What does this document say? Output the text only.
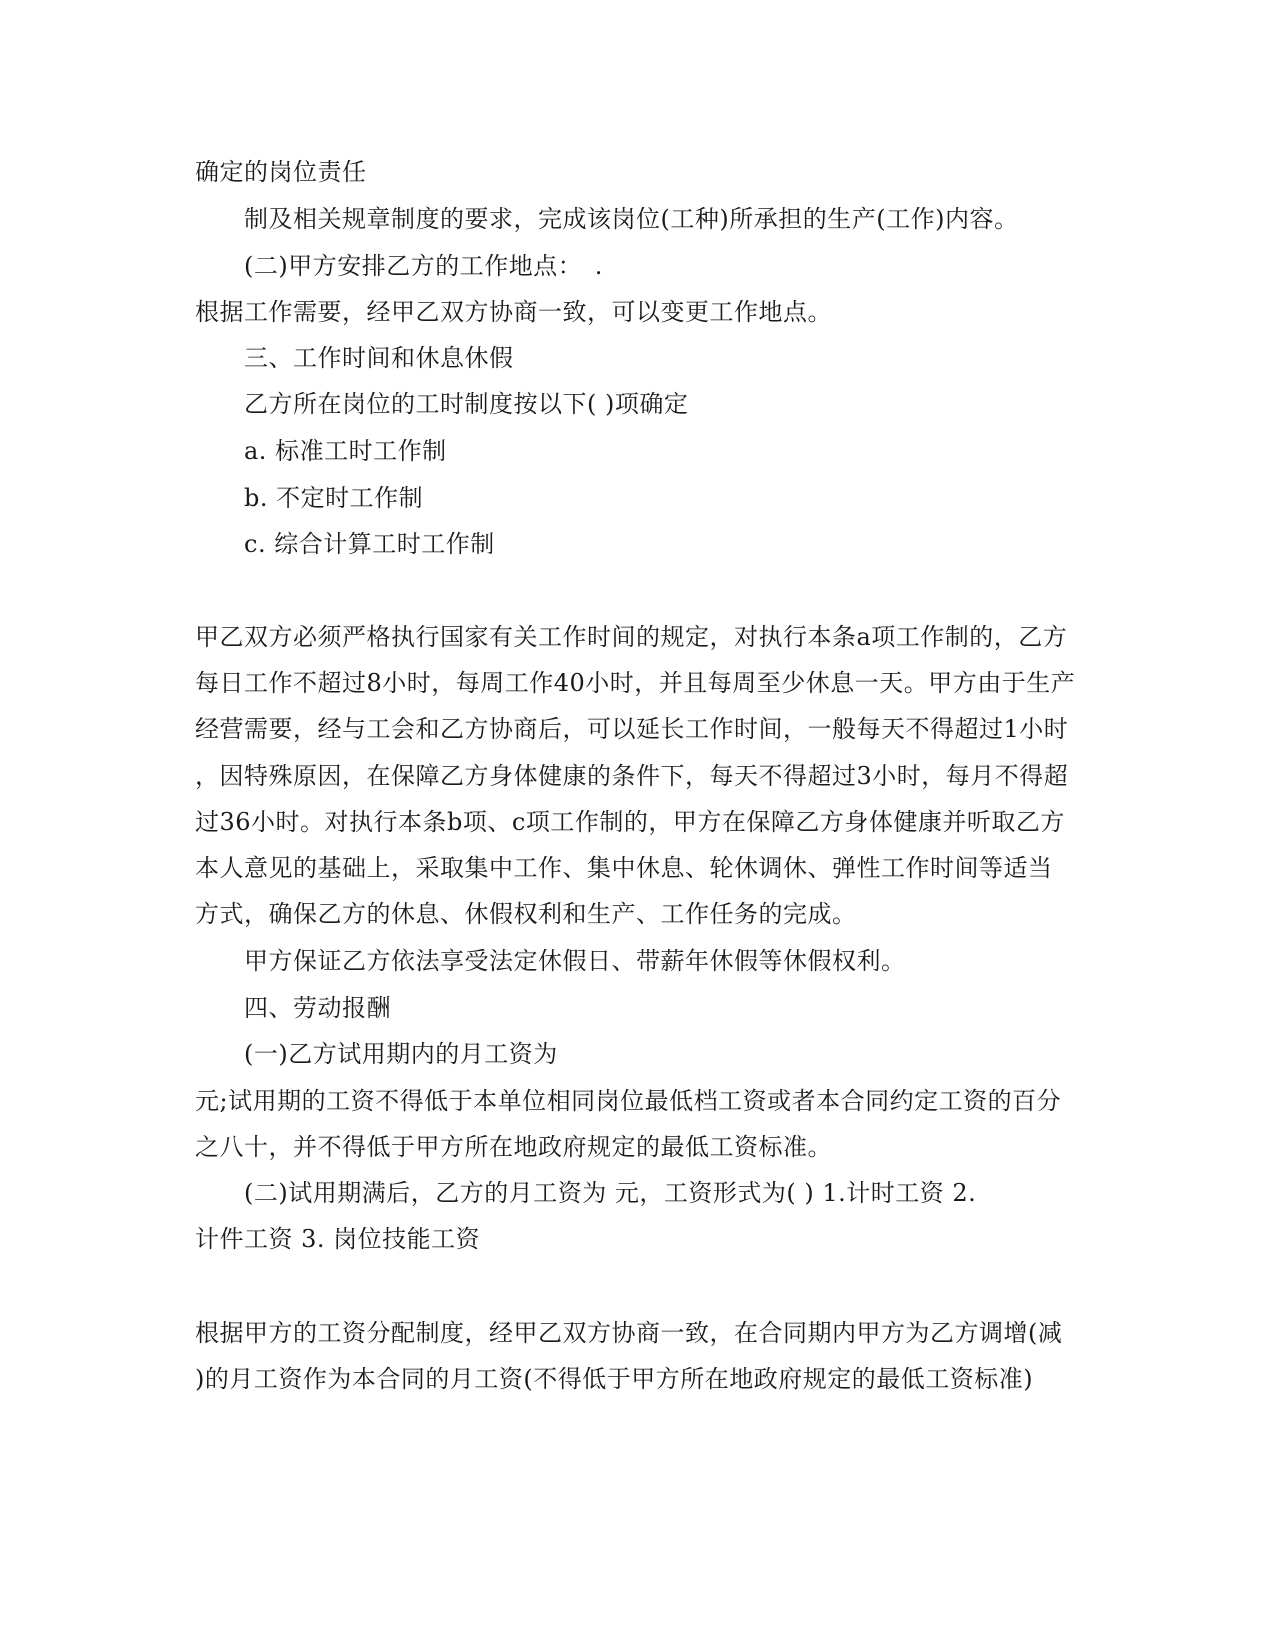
确定的岗位责任
制及相关规章制度的要求，完成该岗位(工种)所承担的生产(工作)内容。
(二)甲方安排乙方的工作地点：　.
根据工作需要，经甲乙双方协商一致，可以变更工作地点。
三、工作时间和休息休假
乙方所在岗位的工时制度按以下( )项确定
a. 标准工时工作制
b. 不定时工作制
c. 综合计算工时工作制
甲乙双方必须严格执行国家有关工作时间的规定，对执行本条a项工作制的，乙方
每日工作不超过8小时，每周工作40小时，并且每周至少休息一天。甲方由于生产
经营需要，经与工会和乙方协商后，可以延长工作时间，一般每天不得超过1小时
，因特殊原因，在保障乙方身体健康的条件下，每天不得超过3小时，每月不得超
过36小时。对执行本条b项、c项工作制的，甲方在保障乙方身体健康并听取乙方
本人意见的基础上，采取集中工作、集中休息、轮休调休、弹性工作时间等适当
方式，确保乙方的休息、休假权利和生产、工作任务的完成。
甲方保证乙方依法享受法定休假日、带薪年休假等休假权利。
四、劳动报酬
(一)乙方试用期内的月工资为
元;试用期的工资不得低于本单位相同岗位最低档工资或者本合同约定工资的百分
之八十，并不得低于甲方所在地政府规定的最低工资标准。
(二)试用期满后，乙方的月工资为 元，工资形式为( ) 1.计时工资 2.
计件工资 3. 岗位技能工资
根据甲方的工资分配制度，经甲乙双方协商一致，在合同期内甲方为乙方调增(减
)的月工资作为本合同的月工资(不得低于甲方所在地政府规定的最低工资标准)
